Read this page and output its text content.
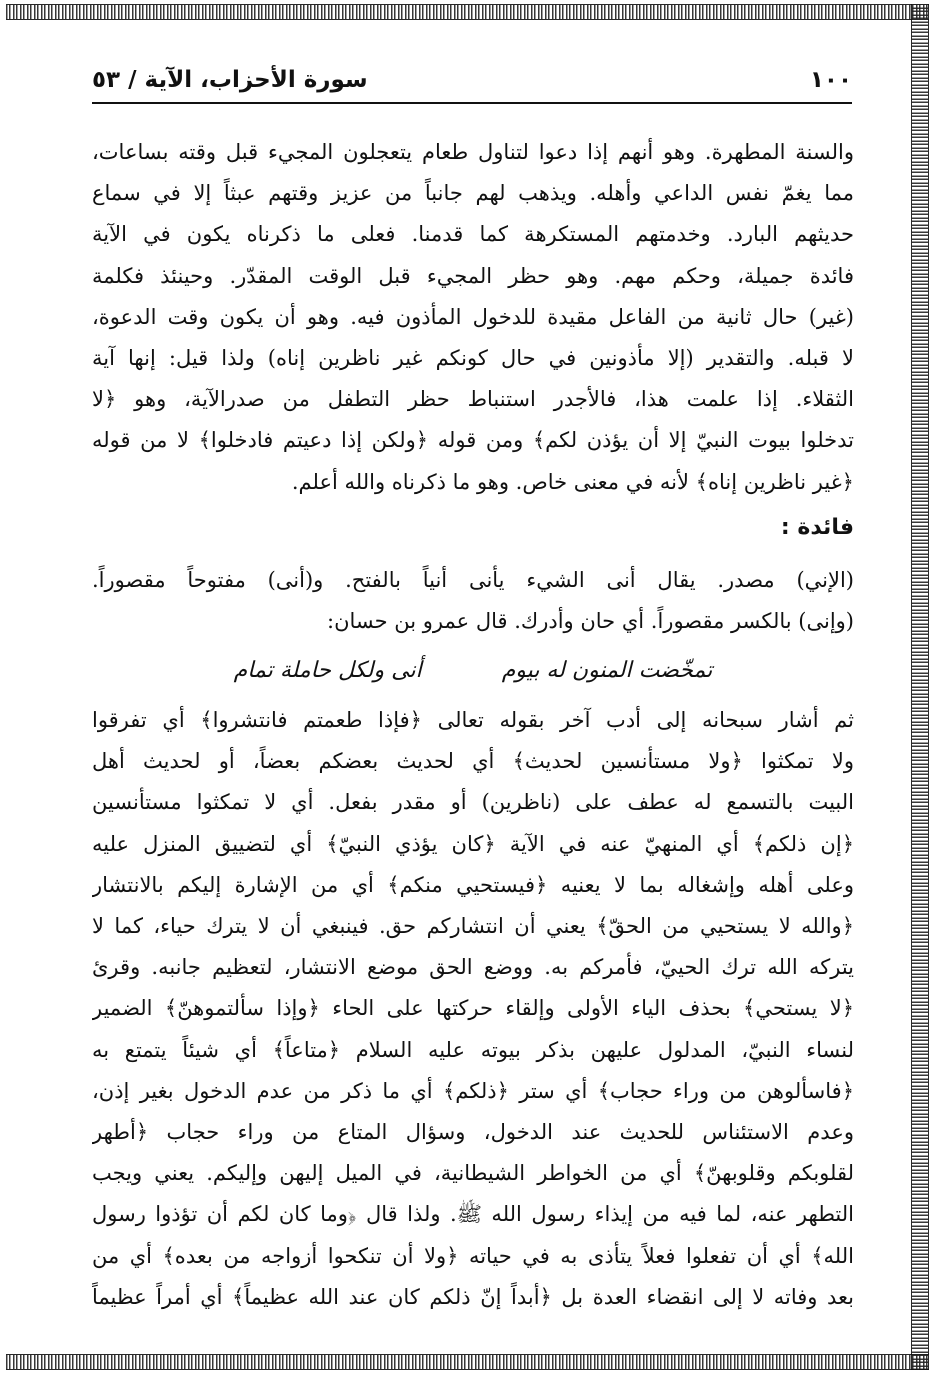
١٠٠
سورة الأحزاب، الآية / ٥٣
والسنة المطهرة. وهو أنهم إذا دعوا لتناول طعام يتعجلون المجيء قبل وقته بساعات،
مما يغمّ نفس الداعي وأهله. ويذهب لهم جانباً من عزيز وقتهم عبثاً إلا في سماع
حديثهم البارد. وخدمتهم المستكرهة كما قدمنا. فعلى ما ذكرناه يكون في الآية
فائدة جميلة، وحكم مهم. وهو حظر المجيء قبل الوقت المقدّر. وحينئذ فكلمة
(غير) حال ثانية من الفاعل مقيدة للدخول المأذون فيه. وهو أن يكون وقت الدعوة،
لا قبله. والتقدير (إلا مأذونين في حال كونكم غير ناظرين إناه) ولذا قيل: إنها آية
الثقلاء. إذا علمت هذا، فالأجدر استنباط حظر التطفل من صدرالآية، وهو ﴿لا
تدخلوا بيوت النبيّ إلا أن يؤذن لكم﴾ ومن قوله ﴿ولكن إذا دعيتم فادخلوا﴾ لا من قوله
﴿غير ناظرين إناه﴾ لأنه في معنى خاص. وهو ما ذكرناه والله أعلم.
فائدة :
(الإني) مصدر. يقال أنى الشيء يأنى أنياً بالفتح. و(أنى) مفتوحاً مقصوراً.
(وإنى) بالكسر مقصوراً. أي حان وأدرك. قال عمرو بن حسان:
تمخّضت المنون له بيوم
أنى ولكل حاملة تمام
ثم أشار سبحانه إلى أدب آخر بقوله تعالى ﴿فإذا طعمتم فانتشروا﴾ أي تفرقوا
ولا تمكثوا ﴿ولا مستأنسين لحديث﴾ أي لحديث بعضكم بعضاً، أو لحديث أهل
البيت بالتسمع له عطف على (ناظرين) أو مقدر بفعل. أي لا تمكثوا مستأنسين
﴿إن ذلكم﴾ أي المنهيّ عنه في الآية ﴿كان يؤذي النبيّ﴾ أي لتضييق المنزل عليه
وعلى أهله وإشغاله بما لا يعنيه ﴿فيستحيي منكم﴾ أي من الإشارة إليكم بالانتشار
﴿والله لا يستحيي من الحقّ﴾ يعني أن انتشاركم حق. فينبغي أن لا يترك حياء، كما لا
يتركه الله ترك الحييّ، فأمركم به. ووضع الحق موضع الانتشار، لتعظيم جانبه. وقرئ
﴿لا يستحي﴾ بحذف الياء الأولى وإلقاء حركتها على الحاء ﴿وإذا سألتموهنّ﴾ الضمير
لنساء النبيّ، المدلول عليهن بذكر بيوته عليه السلام ﴿متاعاً﴾ أي شيئاً يتمتع به
﴿فاسألوهن من وراء حجاب﴾ أي ستر ﴿ذلكم﴾ أي ما ذكر من عدم الدخول بغير إذن،
وعدم الاستئناس للحديث عند الدخول، وسؤال المتاع من وراء حجاب ﴿أطهر
لقلوبكم وقلوبهنّ﴾ أي من الخواطر الشيطانية، في الميل إليهن وإليكم. يعني ويجب
التطهر عنه، لما فيه من إيذاء رسول الله ﷺ. ولذا قال ﴿وما كان لكم أن تؤذوا رسول
الله﴾ أي أن تفعلوا فعلاً يتأذى به في حياته ﴿ولا أن تنكحوا أزواجه من بعده﴾ أي من
بعد وفاته لا إلى انقضاء العدة بل ﴿أبداً إنّ ذلكم كان عند الله عظيماً﴾ أي أمراً عظيماً
